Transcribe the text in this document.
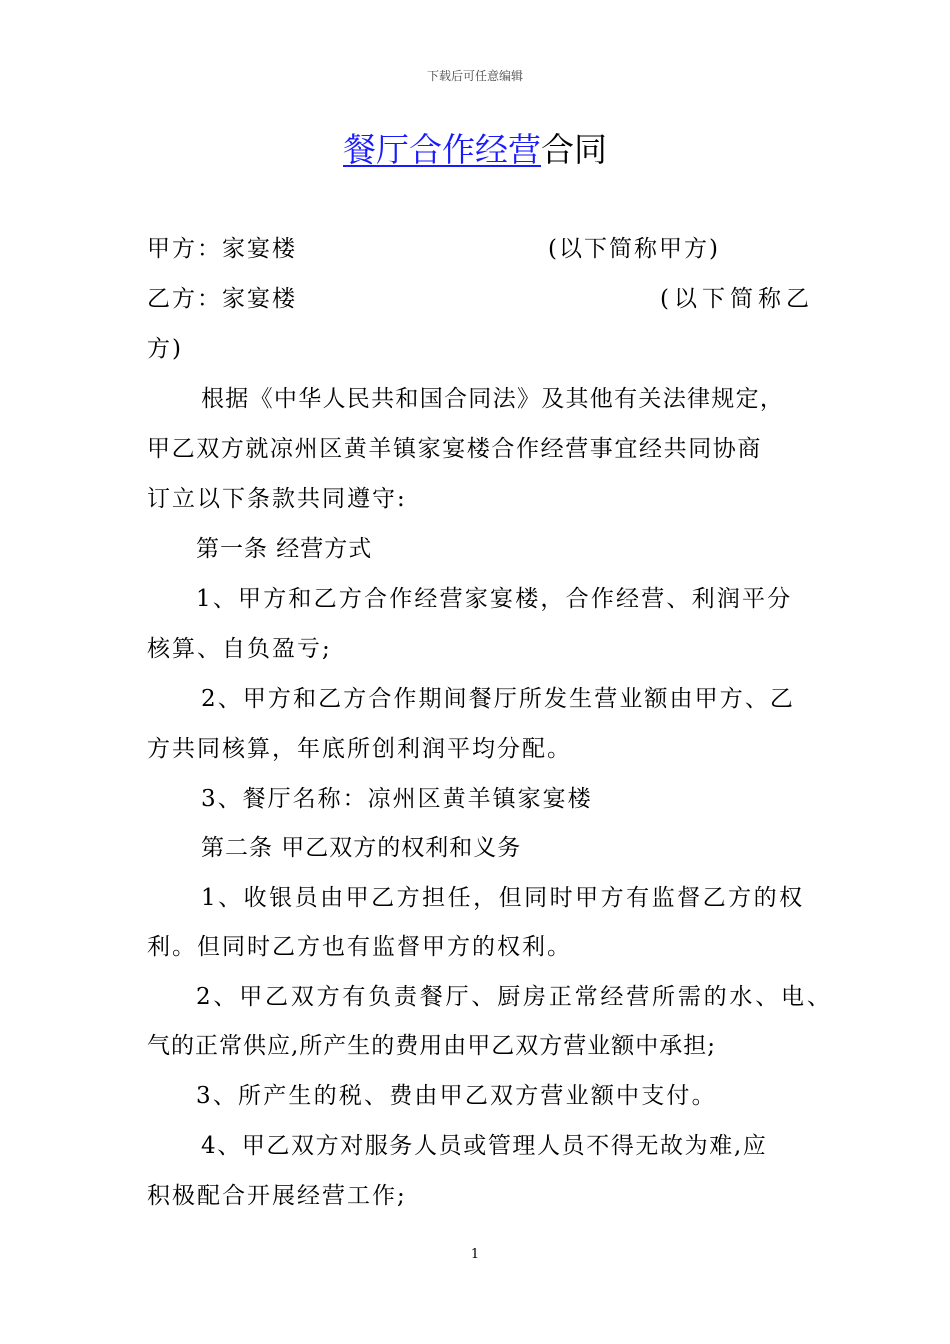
下载后可任意编辑
餐厅合作经营合同
甲方：家宴楼	(以下简称甲方)
乙方：家宴楼	(以下简称乙
方)
根据《中华人民共和国合同法》及其他有关法律规定，
甲乙双方就凉州区黄羊镇家宴楼合作经营事宜经共同协商
订立以下条款共同遵守:
第一条 经营方式
1、甲方和乙方合作经营家宴楼，合作经营、利润平分
核算、自负盈亏;
2、甲方和乙方合作期间餐厅所发生营业额由甲方、乙
方共同核算，年底所创利润平均分配。
3、餐厅名称：凉州区黄羊镇家宴楼
第二条 甲乙双方的权利和义务
1、收银员由甲乙方担任，但同时甲方有监督乙方的权
利。但同时乙方也有监督甲方的权利。
2、甲乙双方有负责餐厅、厨房正常经营所需的水、电、
气的正常供应,所产生的费用由甲乙双方营业额中承担;
3、所产生的税、费由甲乙双方营业额中支付。
4、甲乙双方对服务人员或管理人员不得无故为难,应
积极配合开展经营工作;
1
